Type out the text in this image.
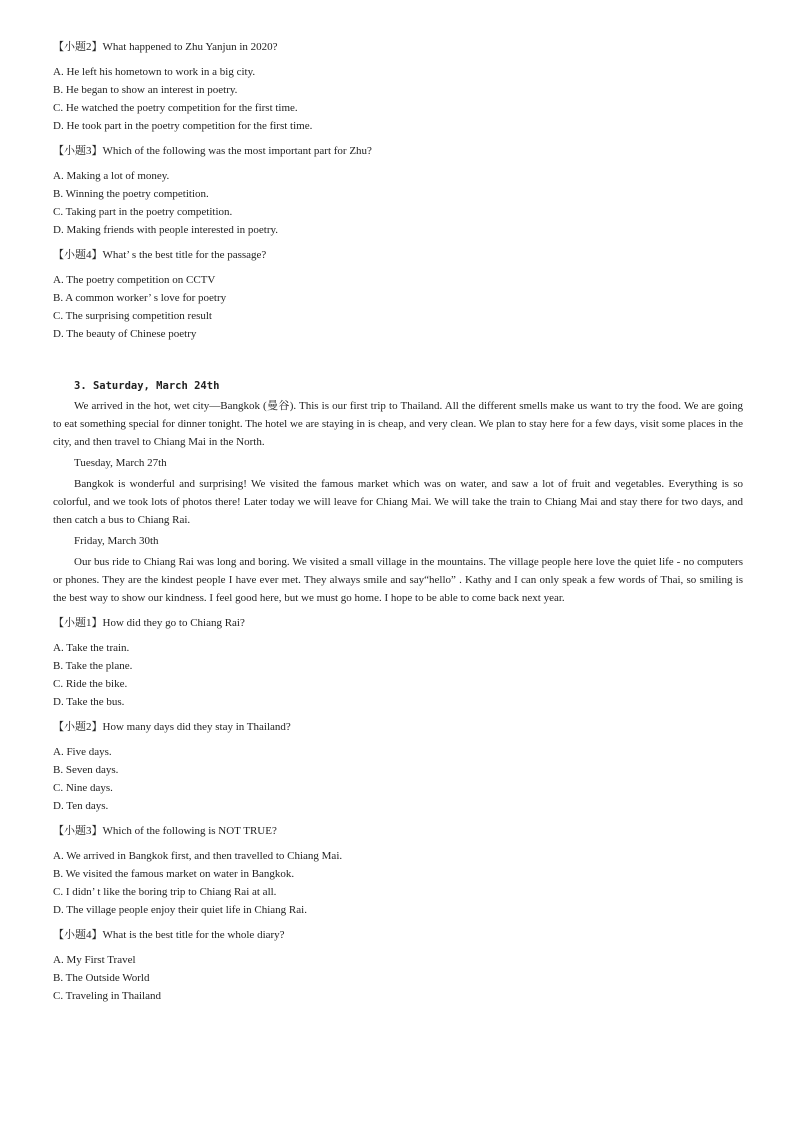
【小题2】What happened to Zhu Yanjun in 2020?

A. He left his hometown to work in a big city.

B. He began to show an interest in poetry.

C. He watched the poetry competition for the first time.

D. He took part in the poetry competition for the first time.

【小题3】Which of the following was the most important part for Zhu?

A. Making a lot of money.

B. Winning the poetry competition.

C. Taking part in the poetry competition.

D. Making friends with people interested in poetry.

【小题4】What’ s the best title for the passage?

A. The poetry competition on CCTV

B. A common worker’ s love for poetry

C. The surprising competition result

D. The beauty of Chinese poetry

3. Saturday, March 24th

We arrived in the hot, wet city—Bangkok (曼谷). This is our first trip to Thailand. All the different smells make us want to try the food. We are going to eat something special for dinner tonight. The hotel we are staying in is cheap, and very clean. We plan to stay here for a few days, visit some places in the city, and then travel to Chiang Mai in the North.

Tuesday, March 27th

Bangkok is wonderful and surprising! We visited the famous market which was on water, and saw a lot of fruit and vegetables. Everything is so colorful, and we took lots of photos there! Later today we will leave for Chiang Mai. We will take the train to Chiang Mai and stay there for two days, and then catch a bus to Chiang Rai.

Friday, March 30th

Our bus ride to Chiang Rai was long and boring. We visited a small village in the mountains. The village people here love the quiet life - no computers or phones. They are the kindest people I have ever met. They always smile and say“hello” . Kathy and I can only speak a few words of Thai, so smiling is the best way to show our kindness. I feel good here, but we must go home. I hope to be able to come back next year.

【小题1】How did they go to Chiang Rai?

A. Take the train.

B. Take the plane.

C. Ride the bike.

D. Take the bus.

【小题2】How many days did they stay in Thailand?

A. Five days.

B. Seven days.

C. Nine days.

D. Ten days.

【小题3】Which of the following is NOT TRUE?

A. We arrived in Bangkok first, and then travelled to Chiang Mai.

B. We visited the famous market on water in Bangkok.

C. I didn’ t like the boring trip to Chiang Rai at all.

D. The village people enjoy their quiet life in Chiang Rai.

【小题4】What is the best title for the whole diary?

A. My First Travel

B. The Outside World

C. Traveling in Thailand
